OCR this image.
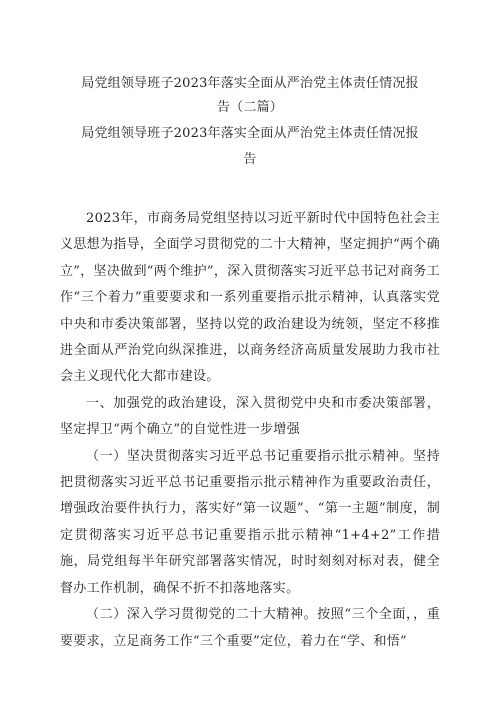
局党组领导班子2023年落实全面从严治党主体责任情况报
告（二篇）
局党组领导班子2023年落实全面从严治党主体责任情况报
告

2023年，市商务局党组坚持以习近平新时代中国特色社会主义思想为指导，全面学习贯彻党的二十大精神，坚定拥护“两个确立”，坚决做到“两个维护”，深入贯彻落实习近平总书记对商务工作“三个着力”重要要求和一系列重要指示批示精神，认真落实党中央和市委决策部署，坚持以党的政治建设为统领，坚定不移推进全面从严治党向纵深推进，以商务经济高质量发展助力我市社会主义现代化大都市建设。

一、加强党的政治建设，深入贯彻党中央和市委决策部署，坚定捍卫“两个确立”的自觉性进一步增强

（一）坚决贯彻落实习近平总书记重要指示批示精神。坚持把贯彻落实习近平总书记重要指示批示精神作为重要政治责任，增强政治要件执行力，落实好“第一议题”、“第一主题”制度，制定贯彻落实习近平总书记重要指示批示精神“1+4+2”工作措施，局党组每半年研究部署落实情况，时时刻刻对标对表，健全督办工作机制，确保不折不扣落地落实。

（二）深入学习贯彻党的二十大精神。按照“三个全面，，重要要求，立足商务工作“三个重要”定位，着力在“学、和悟”
